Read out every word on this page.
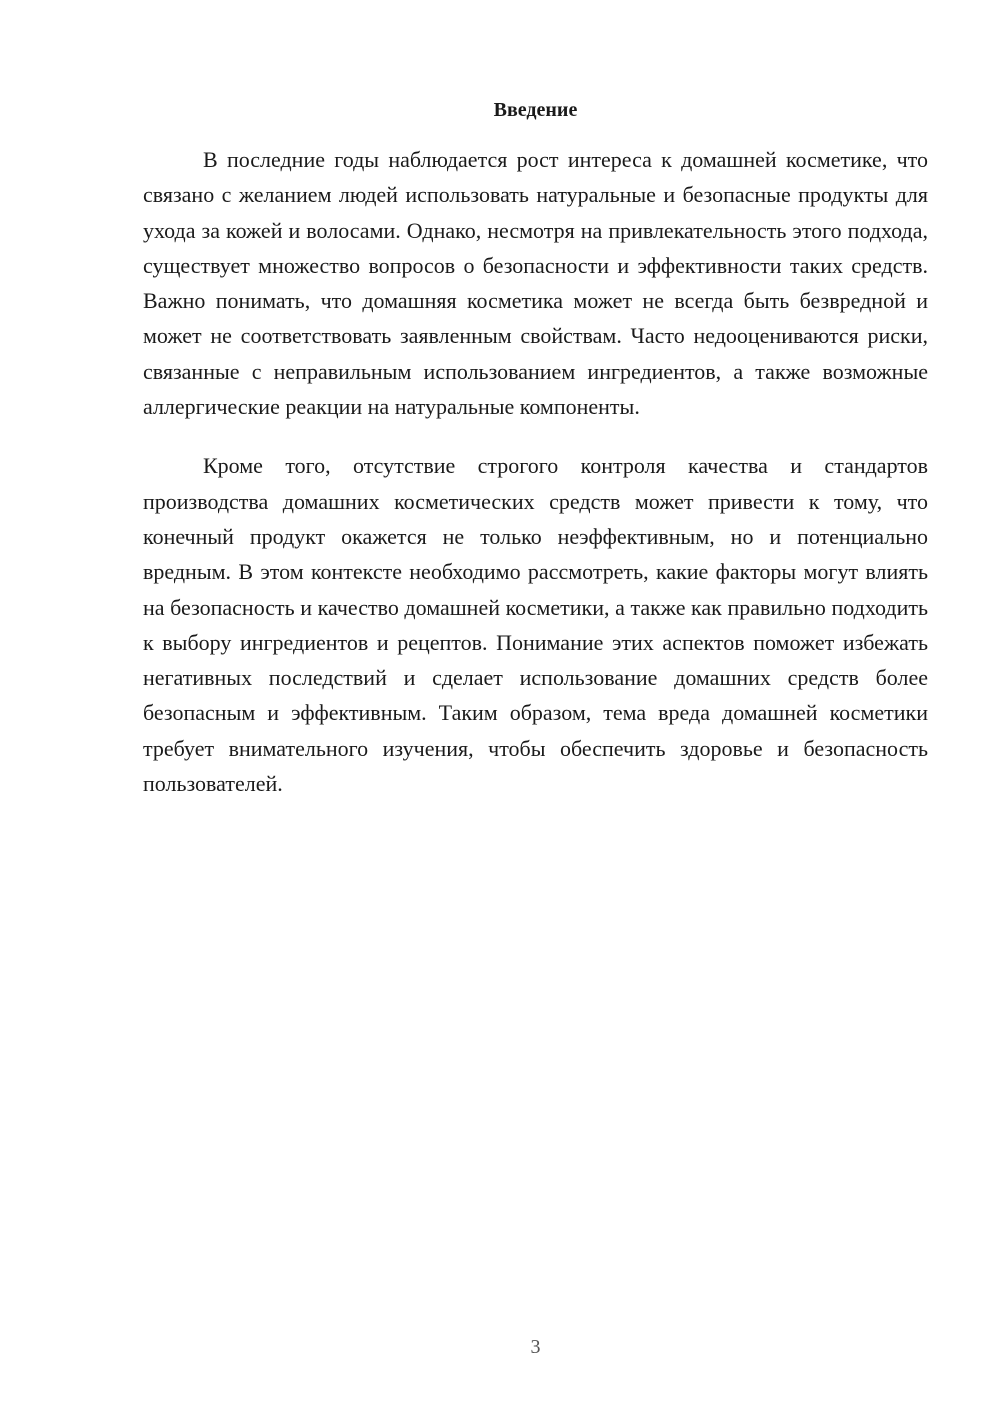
Введение

В последние годы наблюдается рост интереса к домашней косметике, что связано с желанием людей использовать натуральные и безопасные продукты для ухода за кожей и волосами. Однако, несмотря на привлекательность этого подхода, существует множество вопросов о безопасности и эффективности таких средств. Важно понимать, что домашняя косметика может не всегда быть безвредной и может не соответствовать заявленным свойствам. Часто недооцениваются риски, связанные с неправильным использованием ингредиентов, а также возможные аллергические реакции на натуральные компоненты.

Кроме того, отсутствие строгого контроля качества и стандартов производства домашних косметических средств может привести к тому, что конечный продукт окажется не только неэффективным, но и потенциально вредным. В этом контексте необходимо рассмотреть, какие факторы могут влиять на безопасность и качество домашней косметики, а также как правильно подходить к выбору ингредиентов и рецептов. Понимание этих аспектов поможет избежать негативных последствий и сделает использование домашних средств более безопасным и эффективным. Таким образом, тема вреда домашней косметики требует внимательного изучения, чтобы обеспечить здоровье и безопасность пользователей.

3
